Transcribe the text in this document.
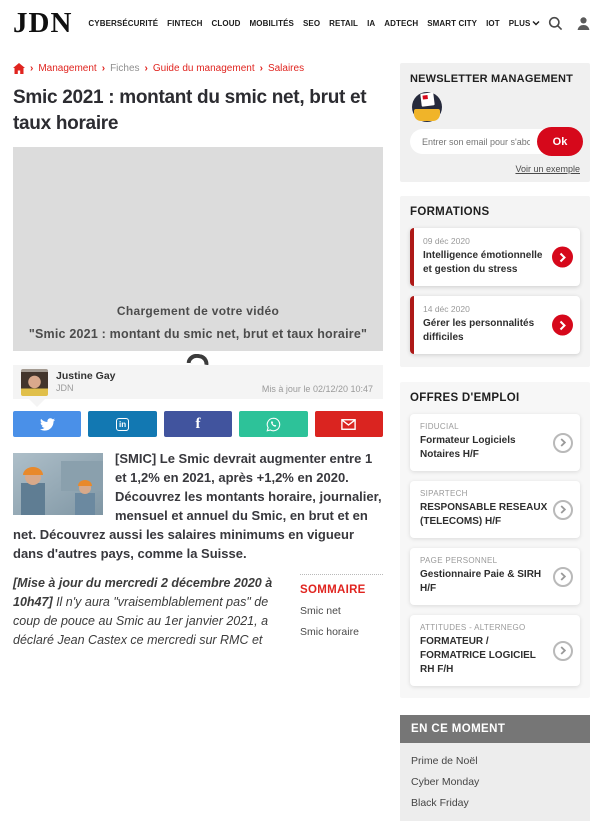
JDN CYBERSÉCURITÉ FINTECH CLOUD MOBILITÉS SEO RETAIL IA ADTECH SMART CITY IOT PLUS
› Management › Fiches › Guide du management › Salaires
Smic 2021 : montant du smic net, brut et taux horaire
Chargement de votre vidéo
"Smic 2021 : montant du smic net, brut et taux horaire"
Justine Gay
JDN	Mis à jour le 02/12/20 10:47
in	f
[SMIC] Le Smic devrait augmenter entre 1 et 1,2% en 2021, après +1,2% en 2020. Découvrez les montants horaire, journalier, mensuel et annuel du Smic, en brut et en net. Découvrez aussi les salaires minimums en vigueur dans d'autres pays, comme la Suisse.
[Mise à jour du mercredi 2 décembre 2020 à 10h47] Il n'y aura "vraisemblablement pas" de coup de pouce au Smic au 1er janvier 2021, a déclaré Jean Castex ce mercredi sur RMC et
SOMMAIRE
Smic net
Smic horaire
NEWSLETTER MANAGEMENT
Entrer son email pour s'abonner
Ok
Voir un exemple
FORMATIONS
09 déc 2020
Intelligence émotionnelle et gestion du stress
14 déc 2020
Gérer les personnalités difficiles
OFFRES D'EMPLOI
FIDUCIAL
Formateur Logiciels Notaires H/F
SIPARTECH
RESPONSABLE RESEAUX (TELECOMS) H/F
PAGE PERSONNEL
Gestionnaire Paie & SIRH H/F
ATTITUDES - ALTERNEGO
FORMATEUR / FORMATRICE LOGICIEL RH F/H
EN CE MOMENT
Prime de Noël
Cyber Monday
Black Friday
